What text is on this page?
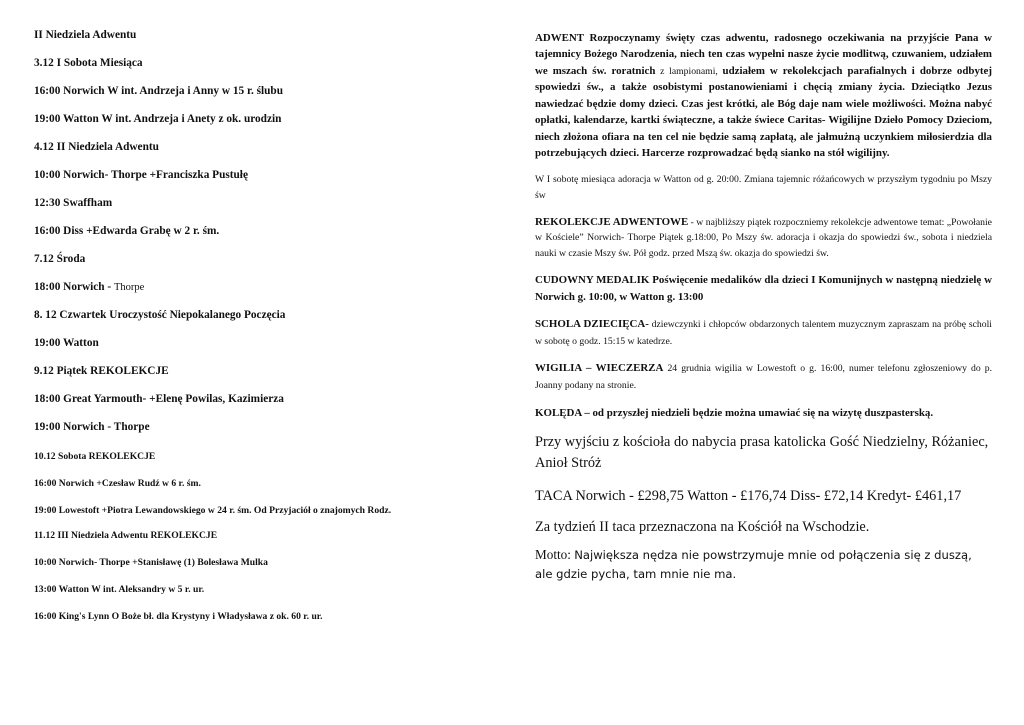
II Niedziela Adwentu
3.12 I Sobota Miesiąca
16:00 Norwich W int. Andrzeja i Anny w 15 r. ślubu
19:00 Watton W int. Andrzeja i Anety z ok. urodzin
4.12 II Niedziela Adwentu
10:00 Norwich- Thorpe +Franciszka Pustułę
12:30 Swaffham
16:00 Diss +Edwarda Grabę w 2 r. śm.
7.12 Środa
18:00 Norwich - Thorpe
8. 12 Czwartek Uroczystość Niepokalanego Poczęcia
19:00 Watton
9.12 Piątek REKOLEKCJE
18:00 Great Yarmouth- +Elenę Powilas, Kazimierza
19:00 Norwich - Thorpe
10.12 Sobota REKOLEKCJE
16:00 Norwich +Czesław Rudź w 6 r. śm.
19:00 Lowestoft +Piotra Lewandowskiego w 24 r. śm. Od Przyjaciół o znajomych Rodz.
11.12 III Niedziela Adwentu REKOLEKCJE
10:00 Norwich- Thorpe +Stanisławę (1) Bolesława Mulka
13:00 Watton W int. Aleksandry w 5 r. ur.
16:00 King's Lynn O Boże bł. dla Krystyny i Władysława z ok. 60 r. ur.

ADWENT Rozpoczynamy święty czas adwentu, radosnego oczekiwania na przyjście Pana w tajemnicy Bożego Narodzenia, niech ten czas wypełni nasze życie modlitwą, czuwaniem, udziałem we mszach św. roratnich z lampionami, udziałem w rekolekcjach parafialnych i dobrze odbytej spowiedzi św., a także osobistymi postanowieniami i chęcią zmiany życia. Dzieciątko Jezus nawiedzać będzie domy dzieci. Czas jest krótki, ale Bóg daje nam wiele możliwości. Można nabyć opłatki, kalendarze, kartki świąteczne, a także świece Caritas- Wigilijne Dzieło Pomocy Dzieciom, niech złożona ofiara na ten cel nie będzie samą zapłatą, ale jałmużną uczynkiem miłosierdzia dla potrzebujących dzieci. Harcerze rozprowadzać będą sianko na stół wigilijny.

W I sobotę miesiąca adoracja w Watton od g. 20:00. Zmiana tajemnic różańcowych w przyszłym tygodniu po Mszy św

REKOLEKCJE ADWENTOWE - w najbliższy piątek rozpoczniemy rekolekcje adwentowe temat: „Powołanie w Kościele” Norwich- Thorpe Piątek g.18:00, Po Mszy św. adoracja i okazja do spowiedzi św., sobota i niedziela nauki w czasie Mszy św. Pół godz. przed Mszą św. okazja do spowiedzi św.

CUDOWNY MEDALIK Poświęcenie medalików dla dzieci I Komunijnych w następną niedzielę w Norwich g. 10:00, w Watton g. 13:00

SCHOLA DZIECIĘCA- dziewczynki i chłopców obdarzonych talentem muzycznym zapraszam na próbę scholi w sobotę o godz. 15:15 w katedrze.

WIGILIA – WIECZERZA 24 grudnia wigilia w Lowestoft o g. 16:00, numer telefonu zgłoszeniowy do p. Joanny podany na stronie.

KOLĘDA – od przyszłej niedzieli będzie można umawiać się na wizytę duszpasterską.

Przy wyjściu z kościoła do nabycia prasa katolicka Gość Niedzielny, Różaniec, Anioł Stróż

TACA Norwich - £298,75 Watton - £176,74 Diss- £72,14 Kredyt- £461,17

Za tydzień II taca przeznaczona na Kościół na Wschodzie.

Motto: Największa nędza nie powstrzymuje mnie od połączenia się z duszą, ale gdzie pycha, tam mnie nie ma.
